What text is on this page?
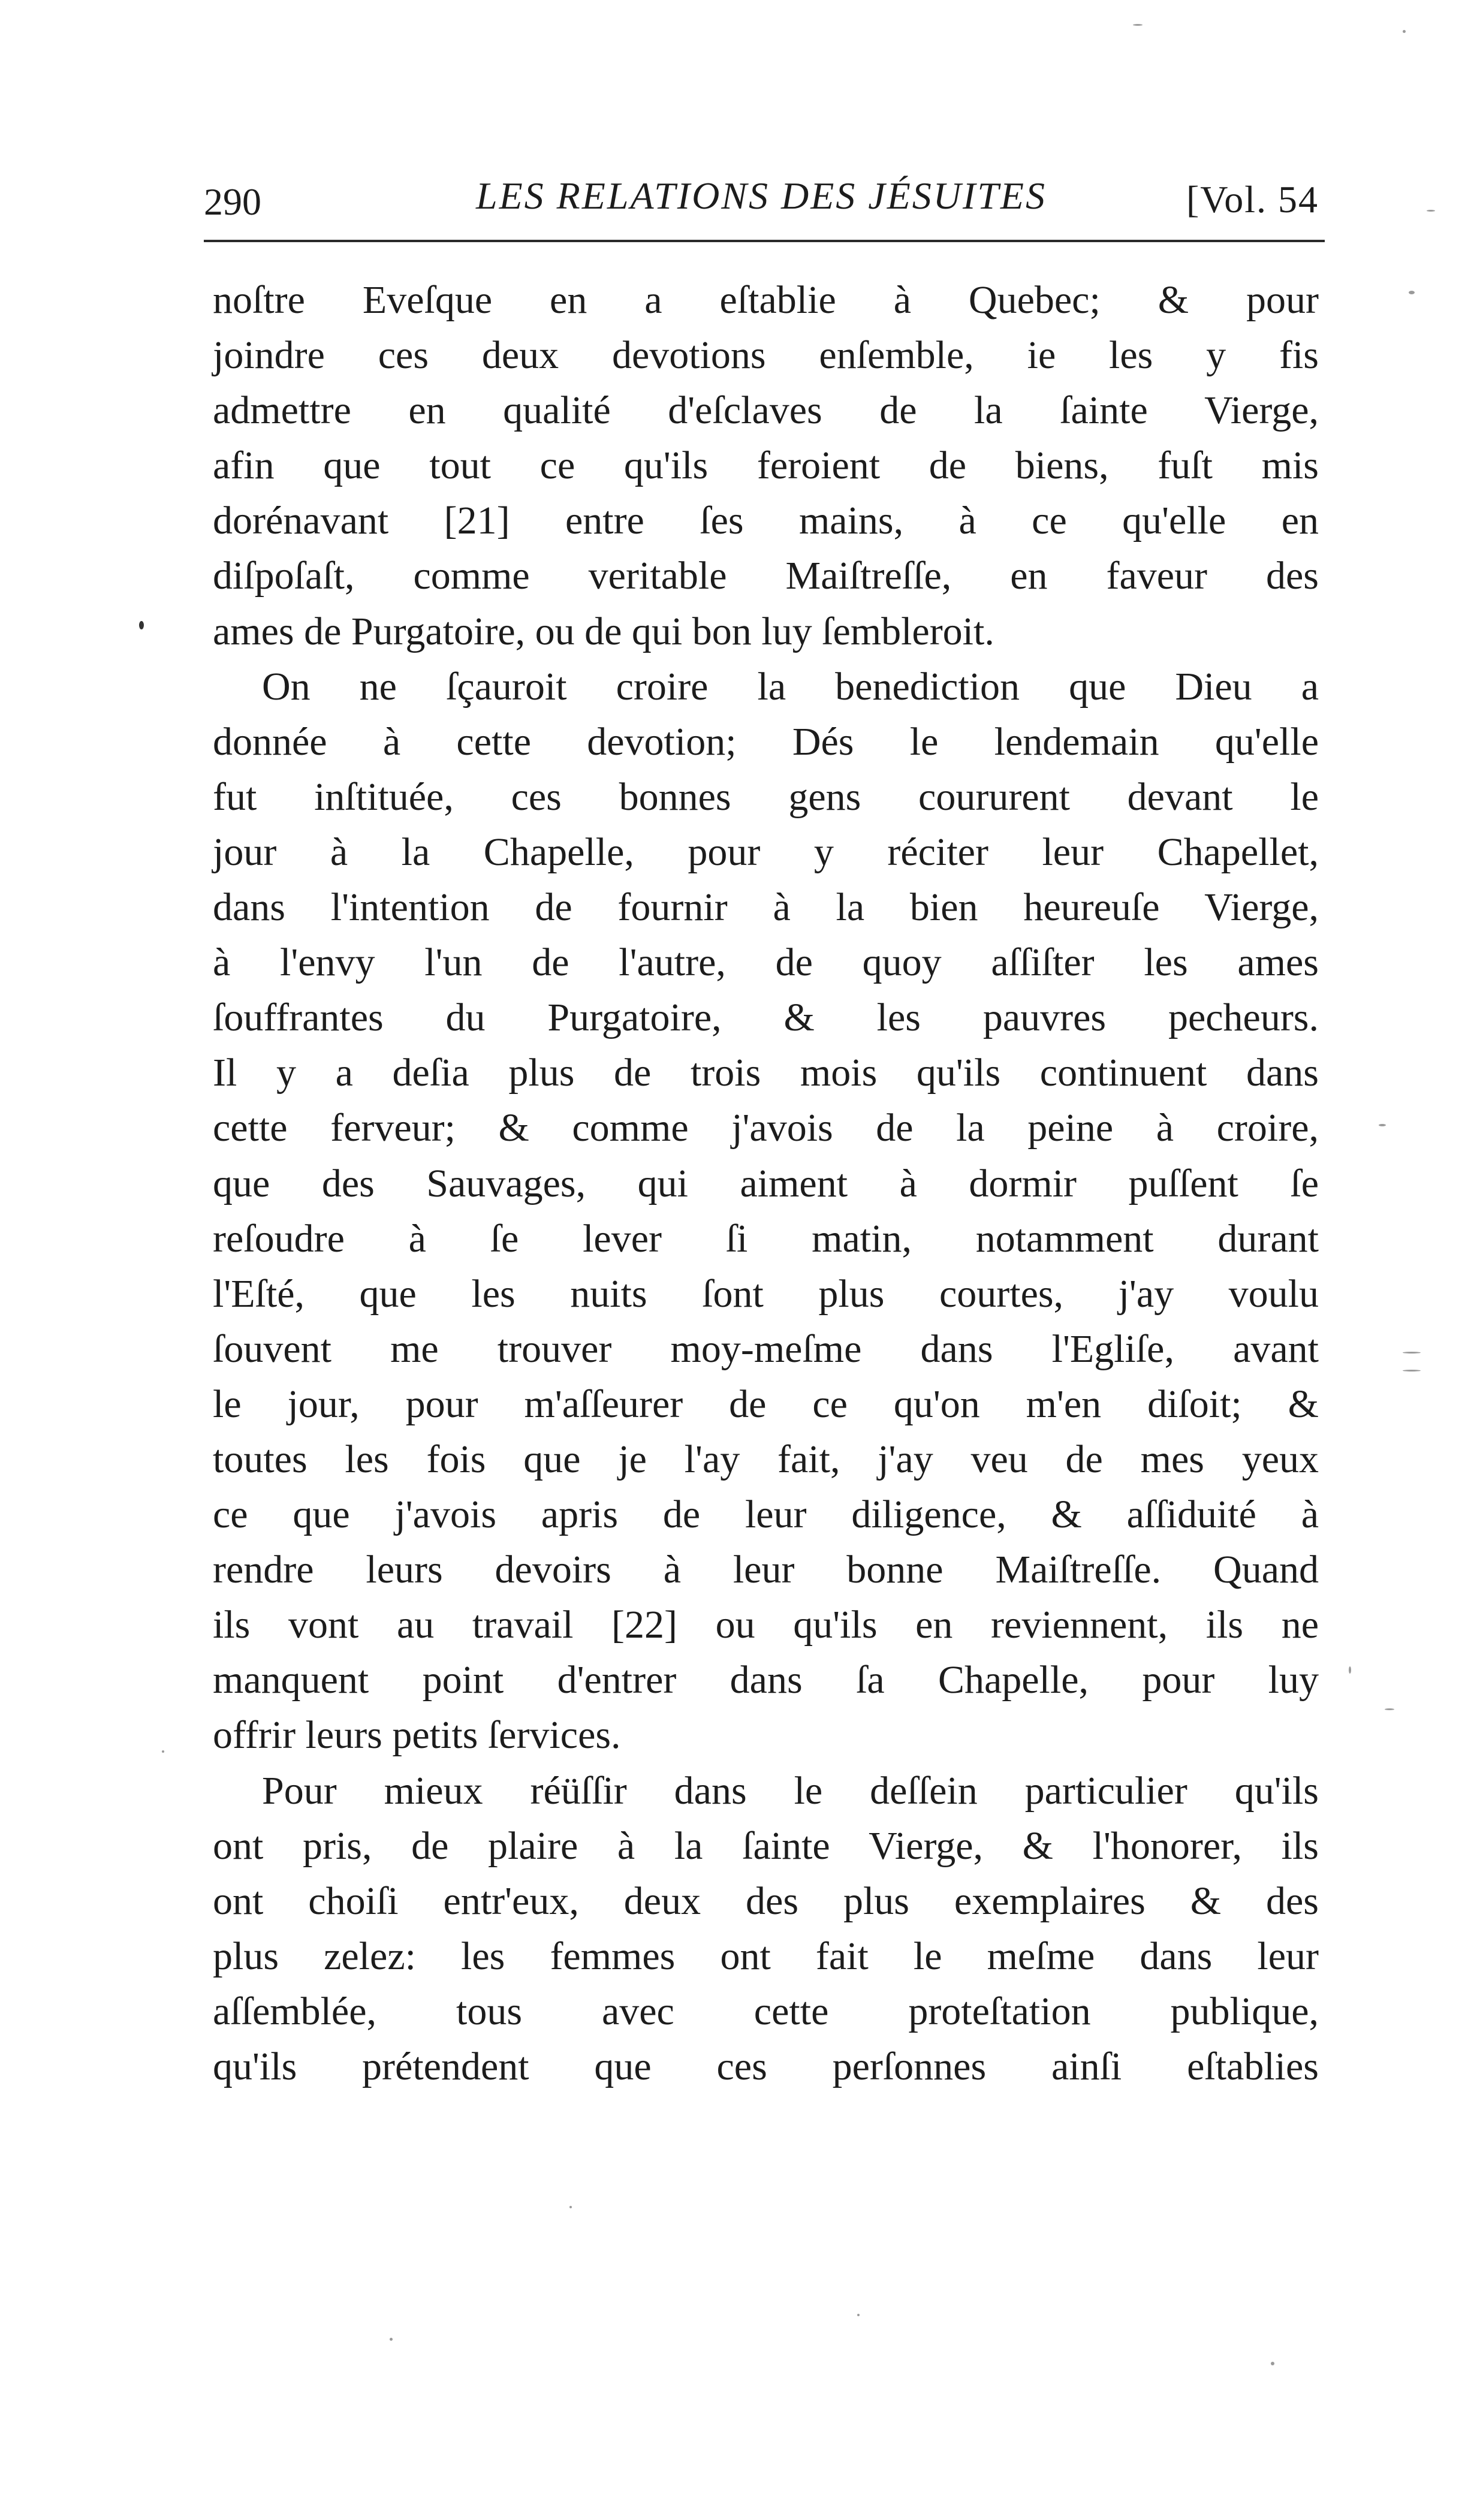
290	LES RELATIONS DES JÉSUITES	[Vol. 54
noſtre Eveſque en a eſtablie à Quebec; & pour
joindre ces deux devotions enſemble, ie les y fis
admettre en qualité d'eſclaves de la ſainte Vierge,
afin que tout ce qu'ils feroient de biens, fuſt mis
dorénavant [21] entre ſes mains, à ce qu'elle en
diſpoſaſt, comme veritable Maiſtreſſe, en faveur des
ames de Purgatoire, ou de qui bon luy ſembleroit.
On ne ſçauroit croire la benediction que Dieu a
donnée à cette devotion; Dés le lendemain qu'elle
fut inſtituée, ces bonnes gens coururent devant le
jour à la Chapelle, pour y réciter leur Chapellet,
dans l'intention de fournir à la bien heureuſe Vierge,
à l'envy l'un de l'autre, de quoy aſſiſter les ames
ſouffrantes du Purgatoire, & les pauvres pecheurs.
Il y a deſia plus de trois mois qu'ils continuent dans
cette ferveur; & comme j'avois de la peine à croire,
que des Sauvages, qui aiment à dormir puſſent ſe
reſoudre à ſe lever ſi matin, notamment durant
l'Eſté, que les nuits ſont plus courtes, j'ay voulu
ſouvent me trouver moy-meſme dans l'Egliſe, avant
le jour, pour m'aſſeurer de ce qu'on m'en diſoit; &
toutes les fois que je l'ay fait, j'ay veu de mes yeux
ce que j'avois apris de leur diligence, & aſſiduité à
rendre leurs devoirs à leur bonne Maiſtreſſe. Quand
ils vont au travail [22] ou qu'ils en reviennent, ils ne
manquent point d'entrer dans ſa Chapelle, pour luy
offrir leurs petits ſervices.
Pour mieux réüſſir dans le deſſein particulier qu'ils
ont pris, de plaire à la ſainte Vierge, & l'honorer, ils
ont choiſi entr'eux, deux des plus exemplaires & des
plus zelez: les femmes ont fait le meſme dans leur
aſſemblée, tous avec cette proteſtation publique,
qu'ils prétendent que ces perſonnes ainſi eſtablies
